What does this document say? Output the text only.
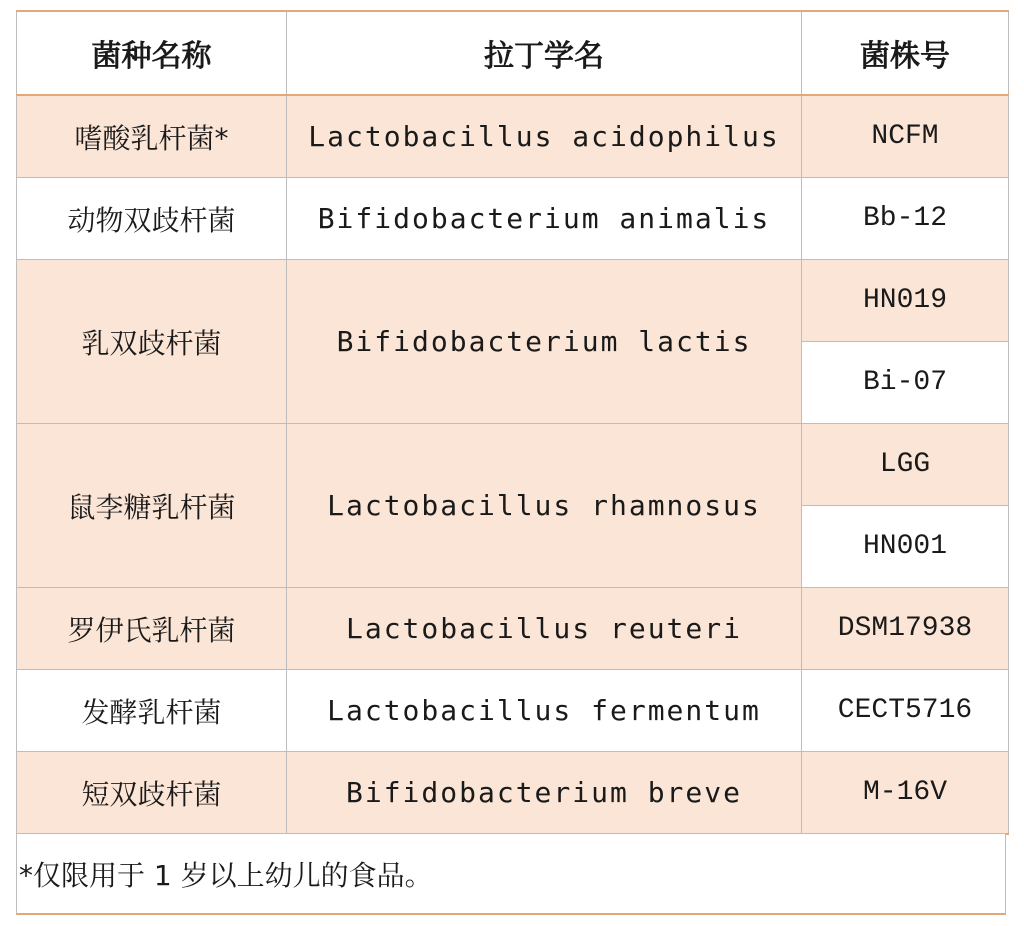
菌种名称	拉丁学名	菌株号
嗜酸乳杆菌*	Lactobacillus acidophilus	NCFM
动物双歧杆菌	Bifidobacterium animalis	Bb-12
乳双歧杆菌	Bifidobacterium lactis	HN019
		Bi-07
鼠李糖乳杆菌	Lactobacillus rhamnosus	LGG
		HN001
罗伊氏乳杆菌	Lactobacillus reuteri	DSM17938
发酵乳杆菌	Lactobacillus fermentum	CECT5716
短双歧杆菌	Bifidobacterium breve	M-16V
*仅限用于 1 岁以上幼儿的食品。
